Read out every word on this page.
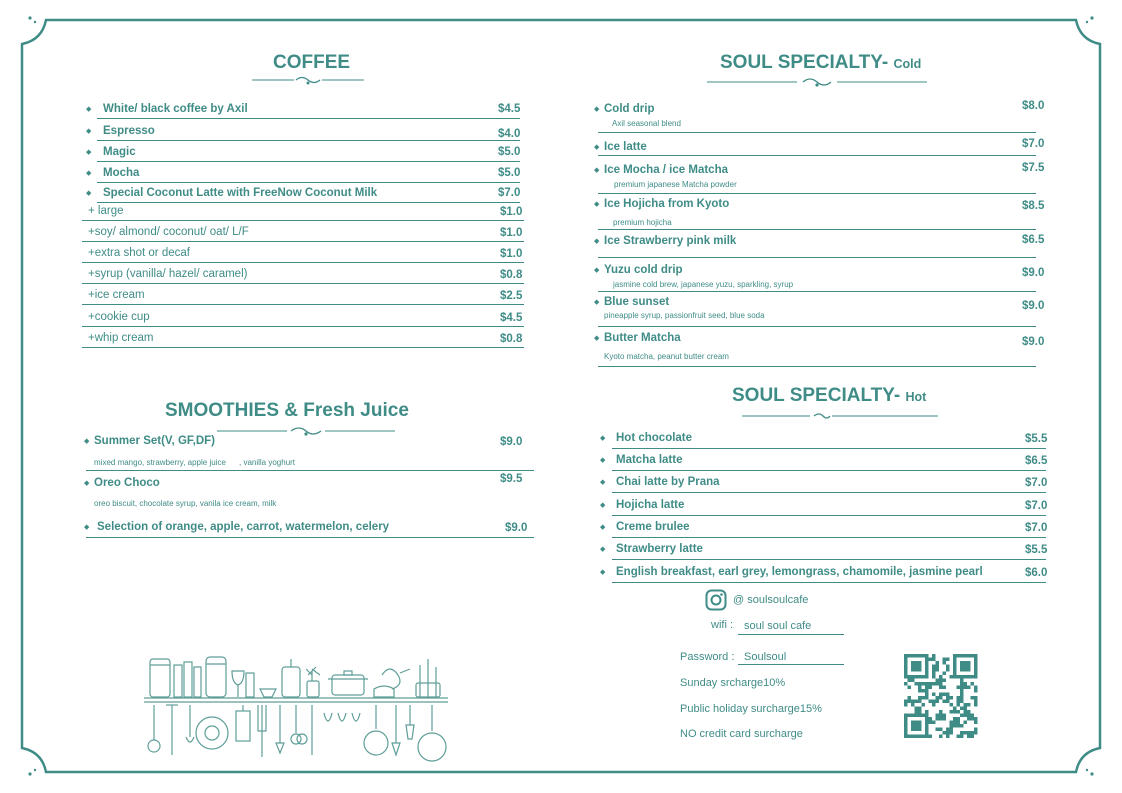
COFFEE
SMOOTHIES & Fresh Juice
SOUL SPECIALTY- Cold
SOUL SPECIALTY- Hot
@ soulsoulcafe
wifi : soul soul cafe
Password : Soulsoul
Sunday srcharge10%
Public holiday surcharge15%
NO credit card surcharge
◆ White/ black coffee by Axil	$4.5
◆ Espresso	$4.0
◆ Magic	$5.0
◆ Mocha	$5.0
◆ Special Coconut Latte with FreeNow Coconut Milk	$7.0
+ large	$1.0
+soy/ almond/ coconut/ oat/ L/F	$1.0
+extra shot or decaf	$1.0
+syrup (vanilla/ hazel/ caramel)	$0.8
+ice cream	$2.5
+cookie cup	$4.5
+whip cream	$0.8
◆ Summer Set(V, GF,DF)	$9.0
◆ Oreo Choco	$9.5
◆ Selection of orange, apple, carrot, watermelon, celery	$9.0
mixed mango, strawberry, apple juice , vanilla yoghurt
oreo biscuit, chocolate syrup, vanila ice cream, milk
◆ Cold drip	$8.0
Axil seasonal blend
◆ Ice latte	$7.0
◆ Ice Mocha / ice Matcha	$7.5
premium japanese Matcha powder
◆ Ice Hojicha from Kyoto	$8.5
premium hojicha
◆ Ice Strawberry pink milk	$6.5
◆ Yuzu cold drip	$9.0
jasmine cold brew, japanese yuzu, sparkling, syrup
◆ Blue sunset	$9.0
pineapple syrup, passionfruit seed, blue soda
◆ Butter Matcha	$9.0
Kyoto matcha, peanut butter cream
◆ Hot chocolate	$5.5
◆ Matcha latte	$6.5
◆ Chai latte by Prana	$7.0
◆ Hojicha latte	$7.0
◆ Creme brulee	$7.0
◆ Strawberry latte	$5.5
◆ English breakfast, earl grey, lemongrass, chamomile, jasmine pearl	$6.0
